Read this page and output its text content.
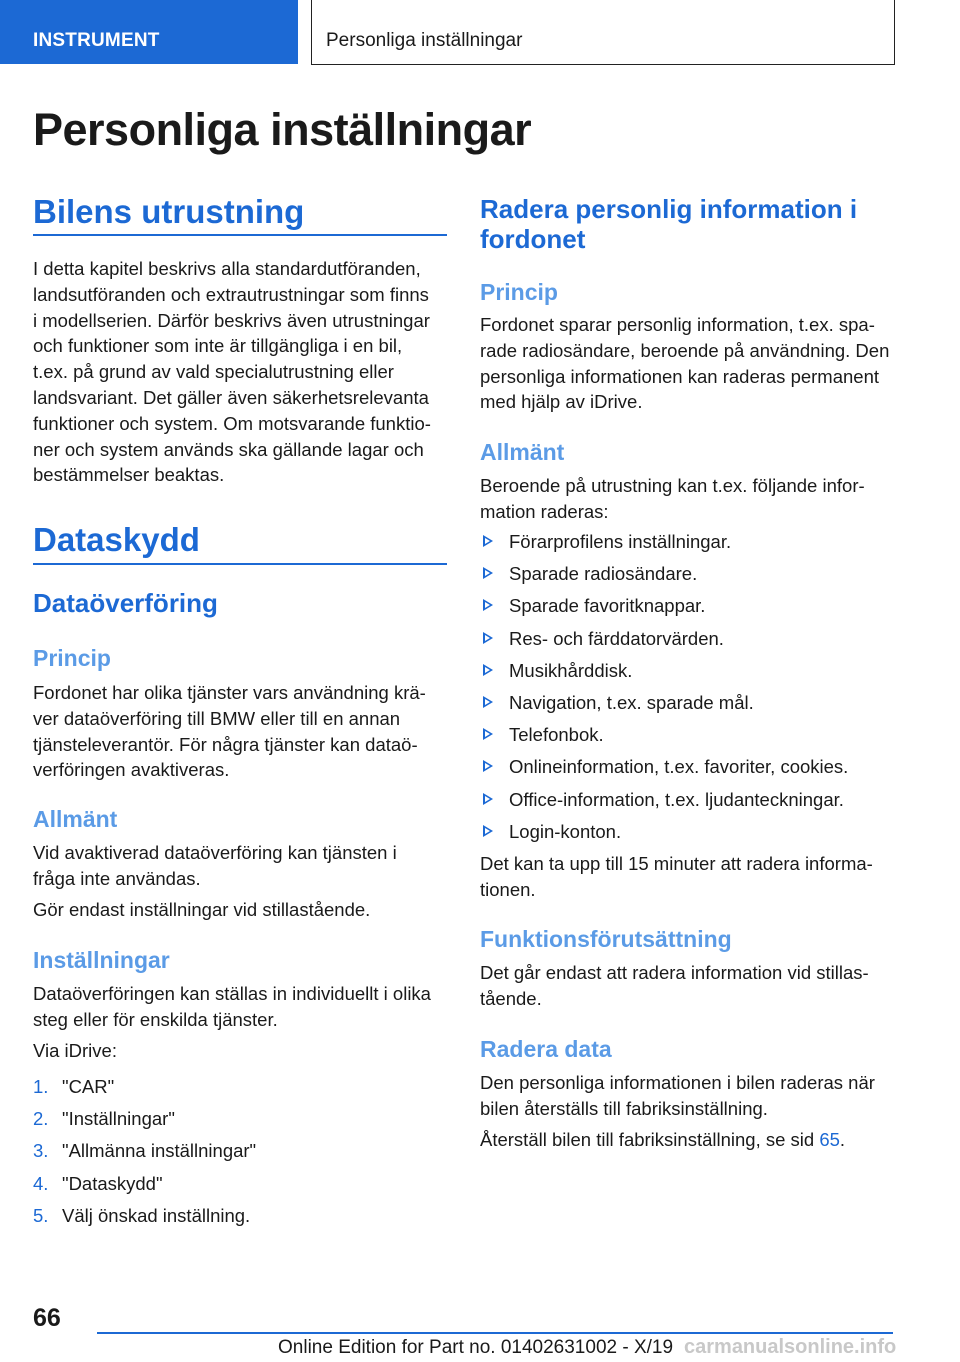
INSTRUMENT	Personliga inställningar
Personliga inställningar
Bilens utrustning
I detta kapitel beskrivs alla standardutföranden,
landsutföranden och extrautrustningar som finns
i modellserien. Därför beskrivs även utrustningar
och funktioner som inte är tillgängliga i en bil,
t.ex. på grund av vald specialutrustning eller
landsvariant. Det gäller även säkerhetsrelevanta
funktioner och system. Om motsvarande funktio-
ner och system används ska gällande lagar och
bestämmelser beaktas.
Dataskydd
Dataöverföring
Princip
Fordonet har olika tjänster vars användning krä-
ver dataöverföring till BMW eller till en annan
tjänsteleverantör. För några tjänster kan dataö-
verföringen avaktiveras.
Allmänt
Vid avaktiverad dataöverföring kan tjänsten i
fråga inte användas.
Gör endast inställningar vid stillastående.
Inställningar
Dataöverföringen kan ställas in individuellt i olika
steg eller för enskilda tjänster.
Via iDrive:
1. "CAR"
2. "Inställningar"
3. "Allmänna inställningar"
4. "Dataskydd"
5. Välj önskad inställning.
Radera personlig information i
fordonet
Princip
Fordonet sparar personlig information, t.ex. spa-
rade radiosändare, beroende på användning. Den
personliga informationen kan raderas permanent
med hjälp av iDrive.
Allmänt
Beroende på utrustning kan t.ex. följande infor-
mation raderas:
Förarprofilens inställningar.
Sparade radiosändare.
Sparade favoritknappar.
Res- och färddatorvärden.
Musikhårddisk.
Navigation, t.ex. sparade mål.
Telefonbok.
Onlineinformation, t.ex. favoriter, cookies.
Office-information, t.ex. ljudanteckningar.
Login-konton.
Det kan ta upp till 15 minuter att radera informa-
tionen.
Funktionsförutsättning
Det går endast att radera information vid stillas-
tående.
Radera data
Den personliga informationen i bilen raderas när
bilen återställs till fabriksinställning.
Återställ bilen till fabriksinställning, se sid 65.
66
Online Edition for Part no. 01402631002 - X/19 carmanualsonline.info
